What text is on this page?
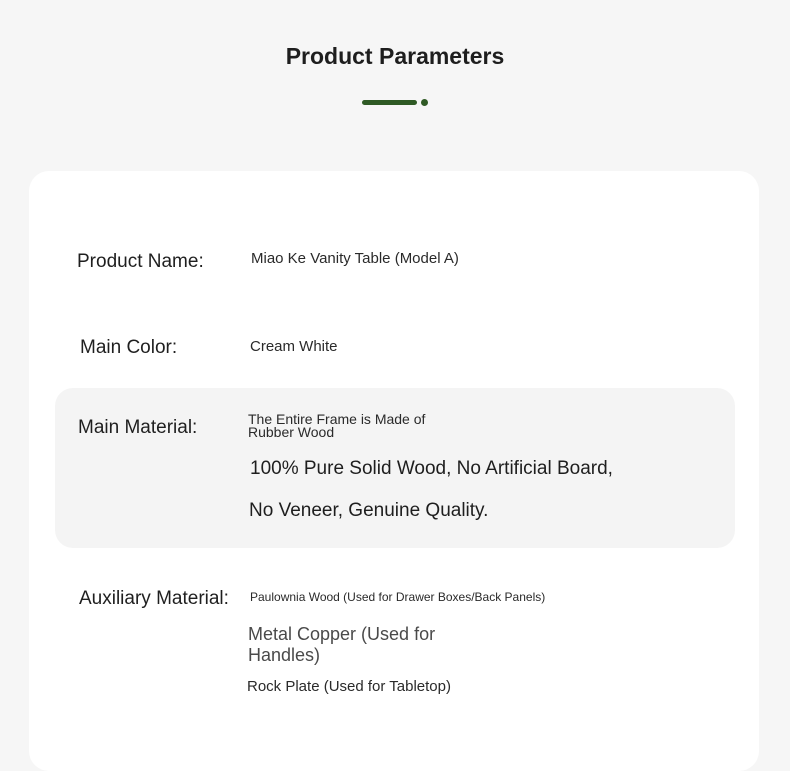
Product Parameters
Product Name:	Miao Ke Vanity Table (Model A)
Main Color:	Cream White
Main Material:	The Entire Frame is Made of Rubber Wood
100% Pure Solid Wood, No Artificial Board,
No Veneer, Genuine Quality.
Auxiliary Material: Paulownia Wood (Used for Drawer Boxes/Back Panels)
Metal Copper (Used for Handles)
Rock Plate (Used for Tabletop)
